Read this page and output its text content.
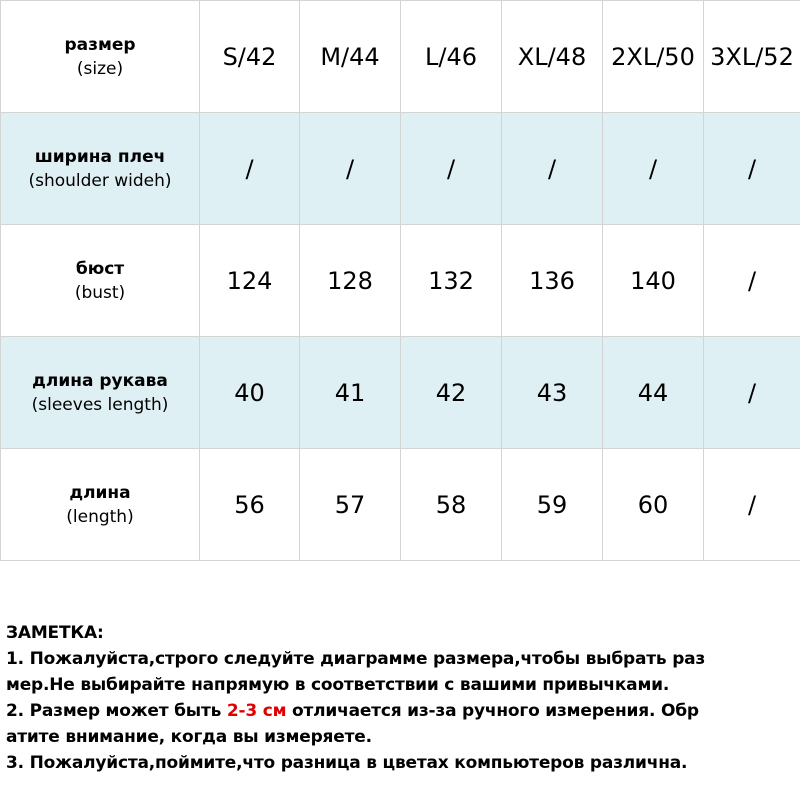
размер
(size)	S/42	M/44	L/46	XL/48	2XL/50	3XL/52

ширина плеч
(shoulder wideh)	/	/	/	/	/	/

бюст
(bust)	124	128	132	136	140	/

длина рукава
(sleeves length)	40	41	42	43	44	/

длина
(length)	56	57	58	59	60	/
ЗАМЕТКА:
1. Пожалуйста,строго следуйте диаграмме размера,чтобы выбрать раз
мер.Не выбирайте напрямую в соответствии с вашими привычками.
2. Размер может быть 2-3 см отличается из-за ручного измерения. Обр
атите внимание, когда вы измеряете.
3. Пожалуйста,поймите,что разница в цветах компьютеров различна.
